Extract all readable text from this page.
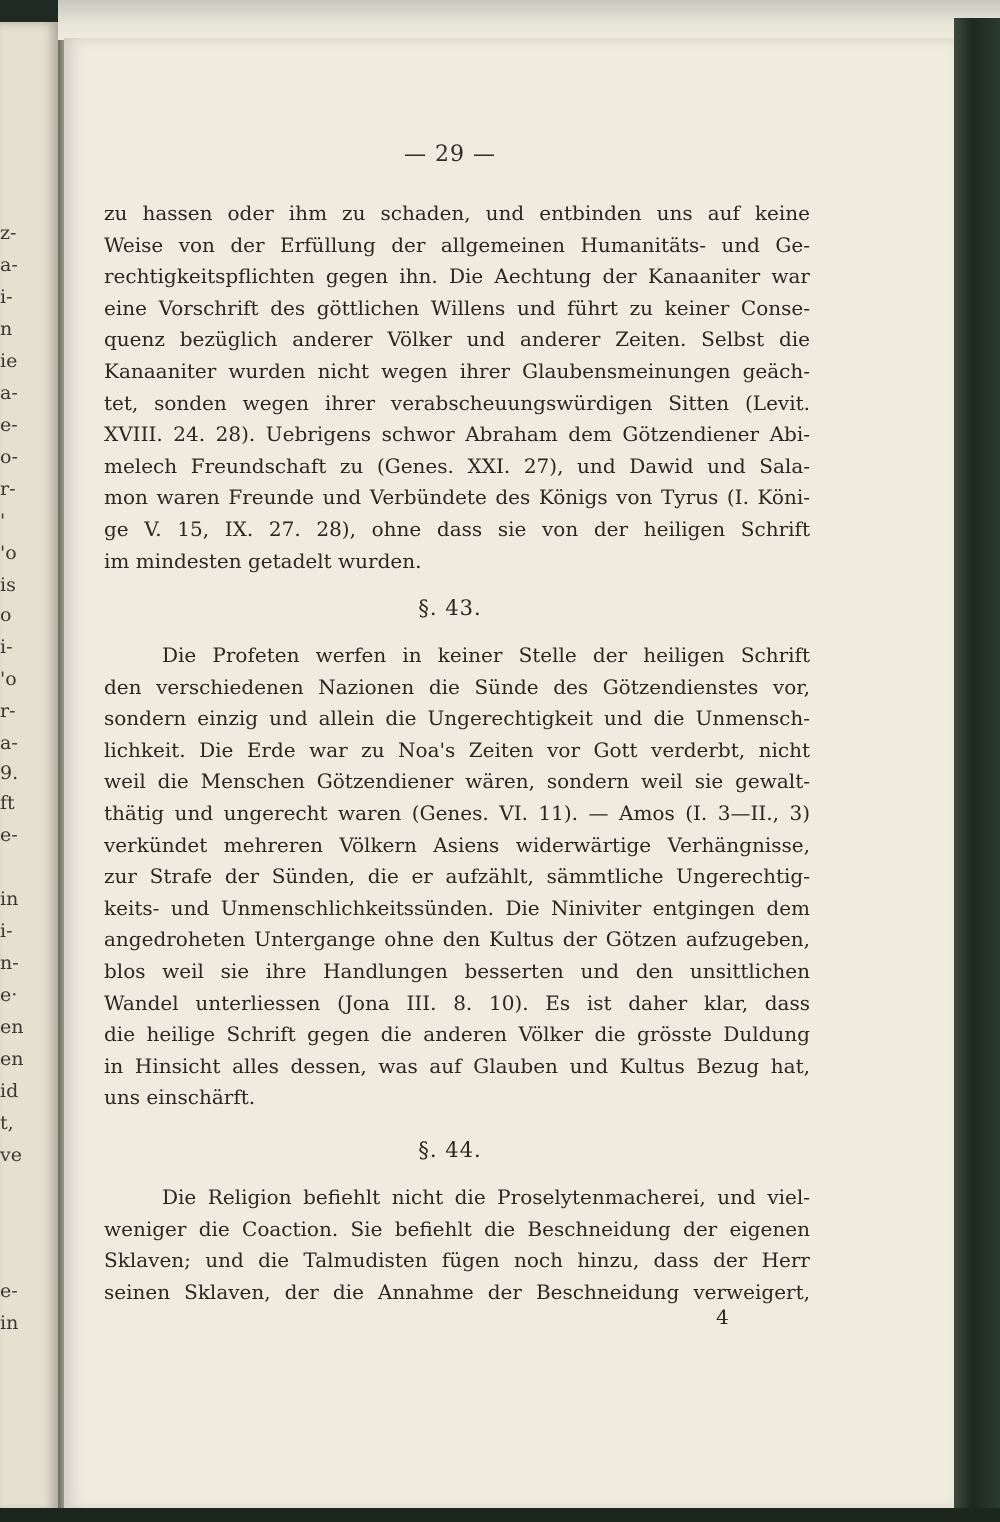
z-
a-
i-
n
ie
a-
e-
o-
r-
'
'o
is
o
i-
'o
r-
a-
9.
ft
e-
in
i-
n-
e·
en
en
id
t,
ve
e-
in
— 29 —
zu hassen oder ihm zu schaden, und entbinden uns auf keine
Weise von der Erfüllung der allgemeinen Humanitäts- und Ge-
rechtigkeitspflichten gegen ihn. Die Aechtung der Kanaaniter war
eine Vorschrift des göttlichen Willens und führt zu keiner Conse-
quenz bezüglich anderer Völker und anderer Zeiten. Selbst die
Kanaaniter wurden nicht wegen ihrer Glaubensmeinungen geäch-
tet, sonden wegen ihrer verabscheuungswürdigen Sitten (Levit.
XVIII. 24. 28). Uebrigens schwor Abraham dem Götzendiener Abi-
melech Freundschaft zu (Genes. XXI. 27), und Dawid und Sala-
mon waren Freunde und Verbündete des Königs von Tyrus (I. Köni-
ge V. 15, IX. 27. 28), ohne dass sie von der heiligen Schrift
im mindesten getadelt wurden.
§. 43.
Die Profeten werfen in keiner Stelle der heiligen Schrift
den verschiedenen Nazionen die Sünde des Götzendienstes vor,
sondern einzig und allein die Ungerechtigkeit und die Unmensch-
lichkeit. Die Erde war zu Noa's Zeiten vor Gott verderbt, nicht
weil die Menschen Götzendiener wären, sondern weil sie gewalt-
thätig und ungerecht waren (Genes. VI. 11). — Amos (I. 3—II., 3)
verkündet mehreren Völkern Asiens widerwärtige Verhängnisse,
zur Strafe der Sünden, die er aufzählt, sämmtliche Ungerechtig-
keits- und Unmenschlichkeitssünden. Die Niniviter entgingen dem
angedroheten Untergange ohne den Kultus der Götzen aufzugeben,
blos weil sie ihre Handlungen besserten und den unsittlichen
Wandel unterliessen (Jona III. 8. 10). Es ist daher klar, dass
die heilige Schrift gegen die anderen Völker die grösste Duldung
in Hinsicht alles dessen, was auf Glauben und Kultus Bezug hat,
uns einschärft.
§. 44.
Die Religion befiehlt nicht die Proselytenmacherei, und viel-
weniger die Coaction. Sie befiehlt die Beschneidung der eigenen
Sklaven; und die Talmudisten fügen noch hinzu, dass der Herr
seinen Sklaven, der die Annahme der Beschneidung verweigert,
4
